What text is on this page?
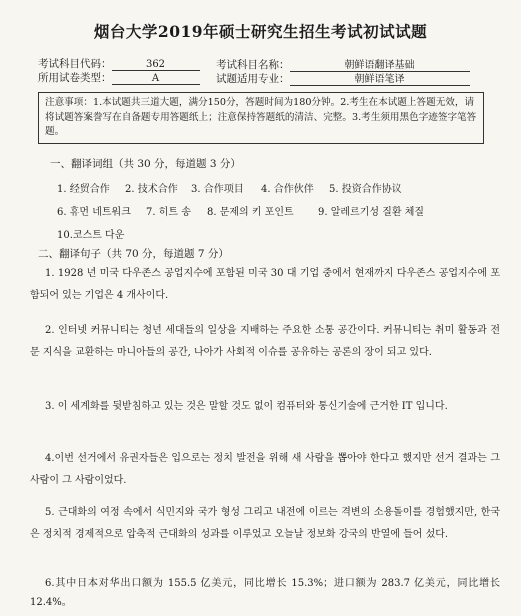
烟台大学2019年硕士研究生招生考试初试试题
考试科目代码：	362	考试科目名称：	朝鲜语翻译基础
所用试卷类型：	A	试题适用专业：	朝鲜语笔译
注意事项：1.本试题共三道大题，满分150分，答题时间为180分钟。2.考生在本试题上答题无效，请将试题答案誊写在自备题专用答题纸上；注意保持答题纸的清洁、完整。3.考生须用黑色字迹签字笔答题。
一、翻译词组（共 30 分，每道题 3 分）
1. 经贸合作 2. 技术合作 3. 合作项目 4. 合作伙伴 5. 投资合作协议
6. 휴먼 네트워크 7. 히트 송 8. 문제의 키 포인트 9. 알레르기성 질환 체질
10.코스트 다운
二、翻译句子（共 70 分，每道题 7 分）
1. 1928 년 미국 다우존스 공업지수에 포함된 미국 30 대 기업 중에서 현재까지 다우존스 공업지수에 포함되어 있는 기업은 4 개사이다.
2. 인터넷 커뮤니티는 청년 세대들의 일상을 지배하는 주요한 소통 공간이다. 커뮤니티는 취미 활동과 전문 지식을 교환하는 마니아들의 공간, 나아가 사회적 이슈를 공유하는 공론의 장이 되고 있다.
3. 이 세계화를 뒷받침하고 있는 것은 말할 것도 없이 컴퓨터와 통신기술에 근거한 IT 입니다.
4.이번 선거에서 유권자들은 입으로는 정치 발전을 위해 새 사람을 뽑아야 한다고 했지만 선거 결과는 그 사람이 그 사람이었다.
5. 근대화의 여정 속에서 식민지와 국가 형성 그리고 내전에 이르는 격변의 소용돌이를 경험했지만, 한국은 정치적 경제적으로 압축적 근대화의 성과를 이루었고 오늘날 정보화 강국의 반열에 들어 섰다.
6.其中日本对华出口额为 155.5 亿美元，同比增长 15.3%；进口额为 283.7 亿美元，同比增长 12.4%。
